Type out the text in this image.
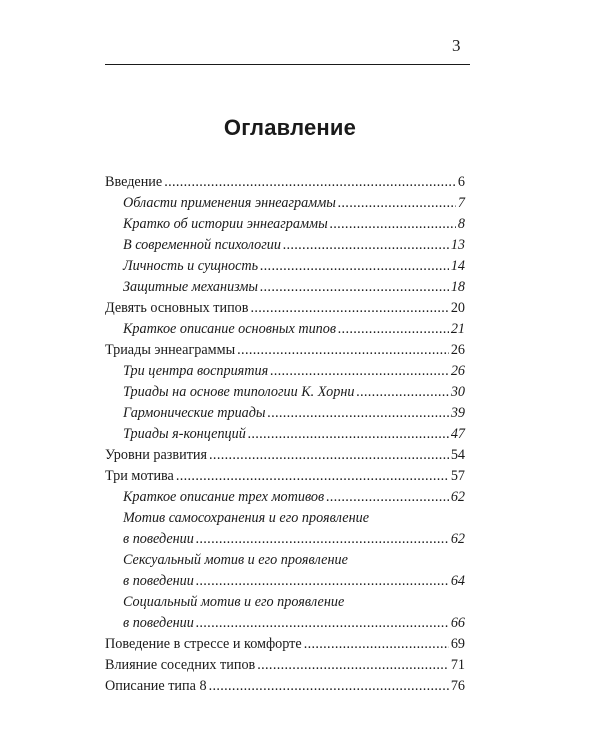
3
Оглавление
Введение . . .	6
Области применения эннеаграммы . . .	7
Кратко об истории эннеаграммы . . .	8
В современной психологии . . .	13
Личность и сущность . . .	14
Защитные механизмы . . .	18
Девять основных типов . . .	20
Краткое описание основных типов . . .	21
Триады эннеаграммы . . .	26
Три центра восприятия . . .	26
Триады на основе типологии К. Хорни . . .	30
Гармонические триады . . .	39
Триады я-концепций . . .	47
Уровни развития . . .	54
Три мотива . . .	57
Краткое описание трех мотивов . . .	62
Мотив самосохранения и его проявление
в поведении . . .	62
Сексуальный мотив и его проявление
в поведении . . .	64
Социальный мотив и его проявление
в поведении . . .	66
Поведение в стрессе и комфорте . . .	69
Влияние соседних типов . . .	71
Описание типа 8 . . .	76
